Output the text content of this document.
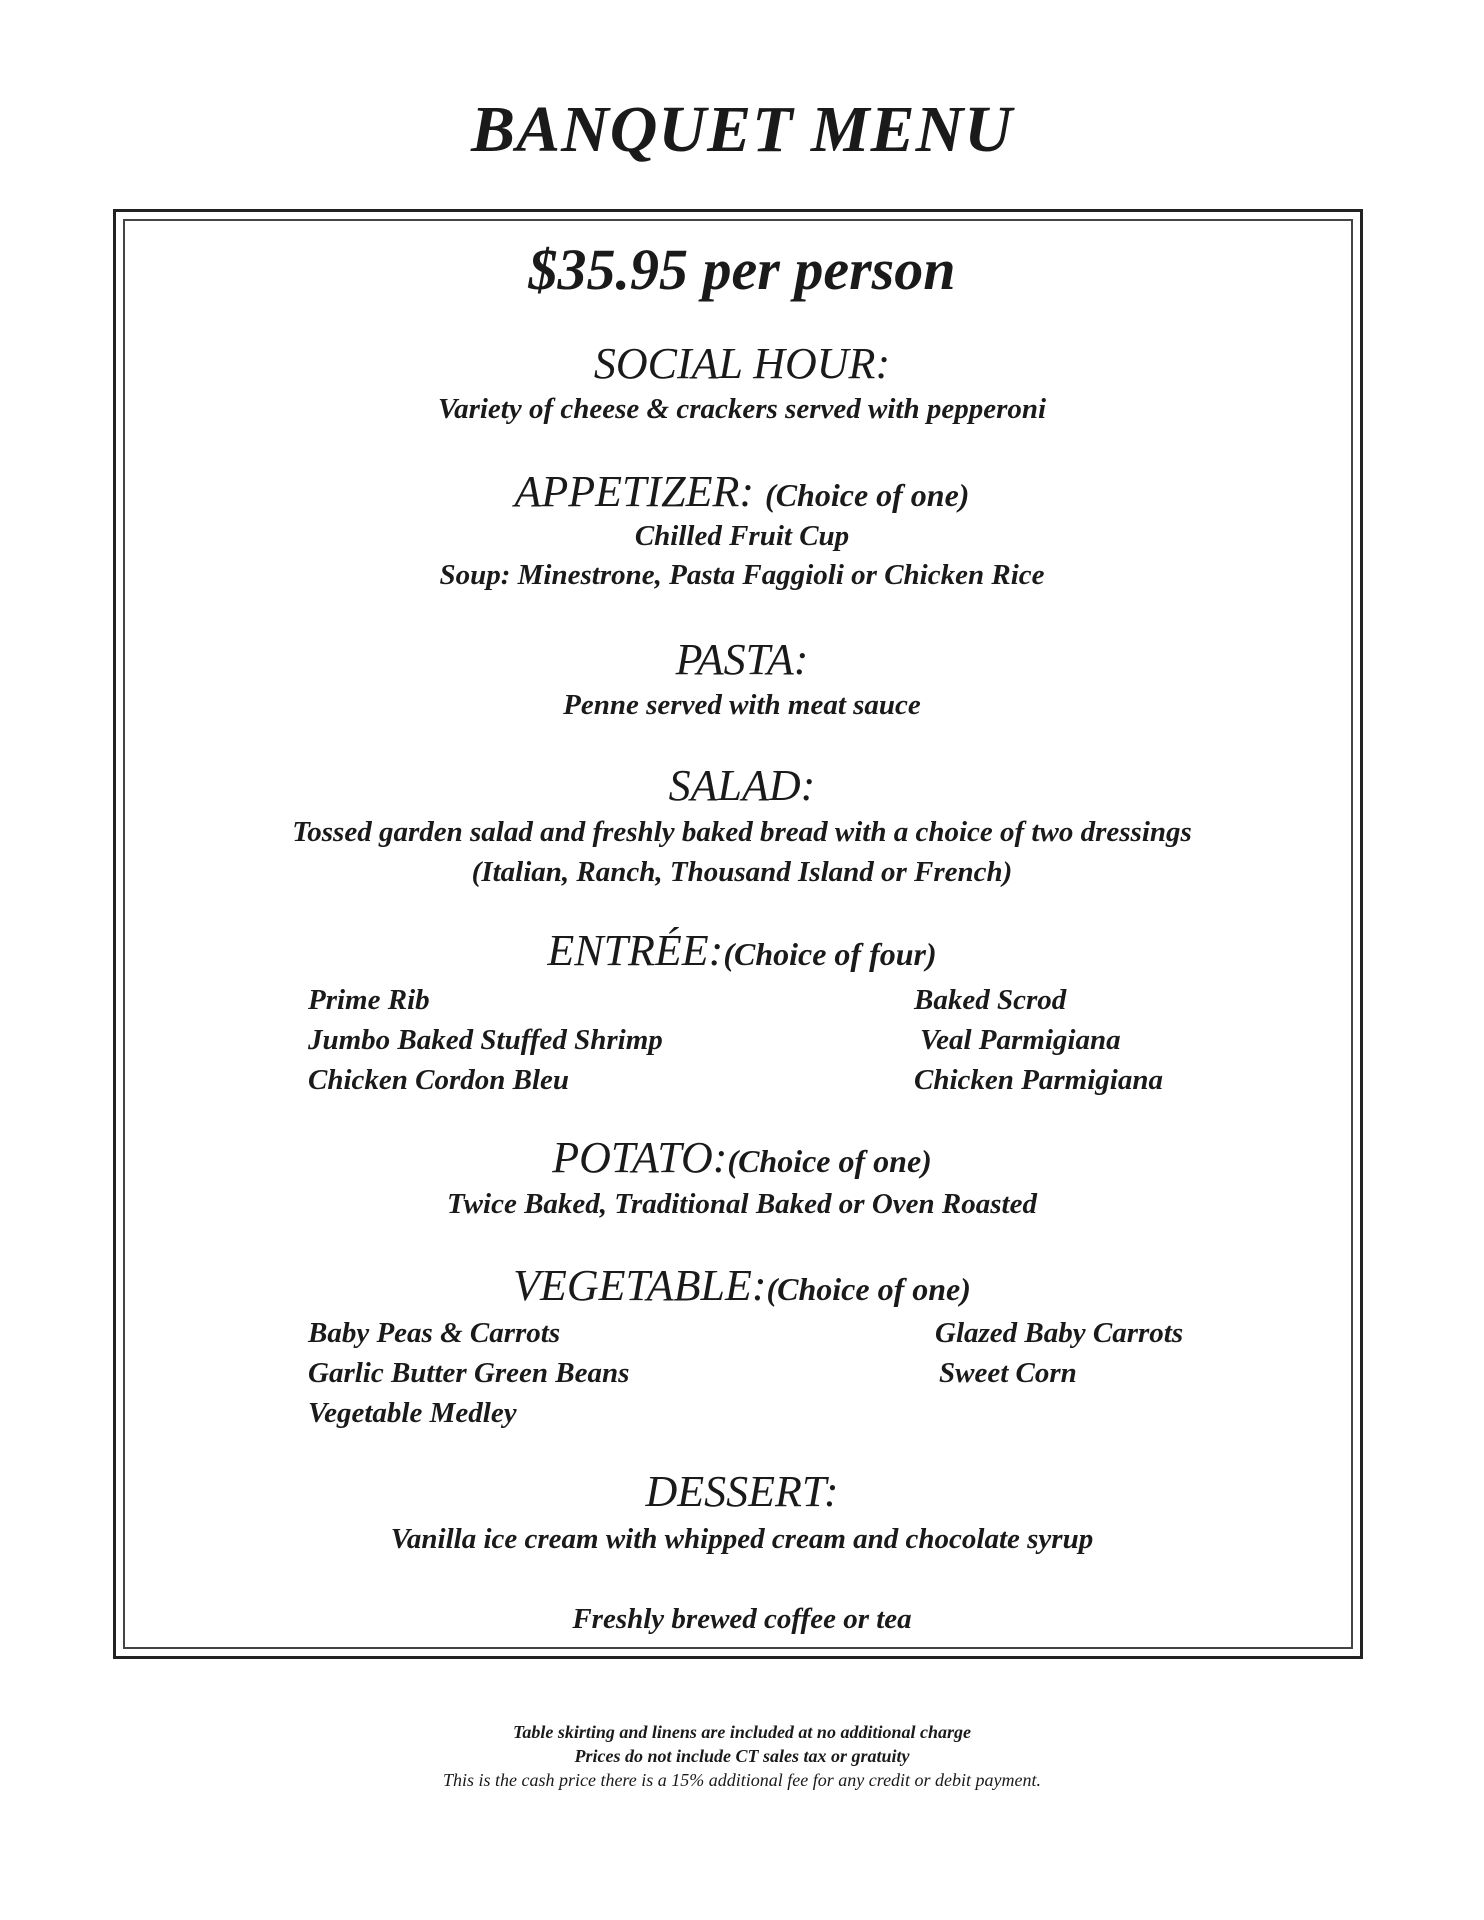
BANQUET MENU
$35.95 per person
SOCIAL HOUR:
Variety of cheese & crackers served with pepperoni
APPETIZER: (Choice of one)
Chilled Fruit Cup
Soup: Minestrone, Pasta Faggioli or Chicken Rice
PASTA:
Penne served with meat sauce
SALAD:
Tossed garden salad and freshly baked bread with a choice of two dressings
(Italian, Ranch, Thousand Island or French)
ENTRÉE:(Choice of four)
Prime Rib
Jumbo Baked Stuffed Shrimp
Chicken Cordon Bleu
Baked Scrod
Veal Parmigiana
Chicken Parmigiana
POTATO:(Choice of one)
Twice Baked, Traditional Baked or Oven Roasted
VEGETABLE:(Choice of one)
Baby Peas & Carrots
Garlic Butter Green Beans
Vegetable Medley
Glazed Baby Carrots
Sweet Corn
DESSERT:
Vanilla ice cream with whipped cream and chocolate syrup
Freshly brewed coffee or tea
Table skirting and linens are included at no additional charge
Prices do not include CT sales tax or gratuity
This is the cash price there is a 15% additional fee for any credit or debit payment.
